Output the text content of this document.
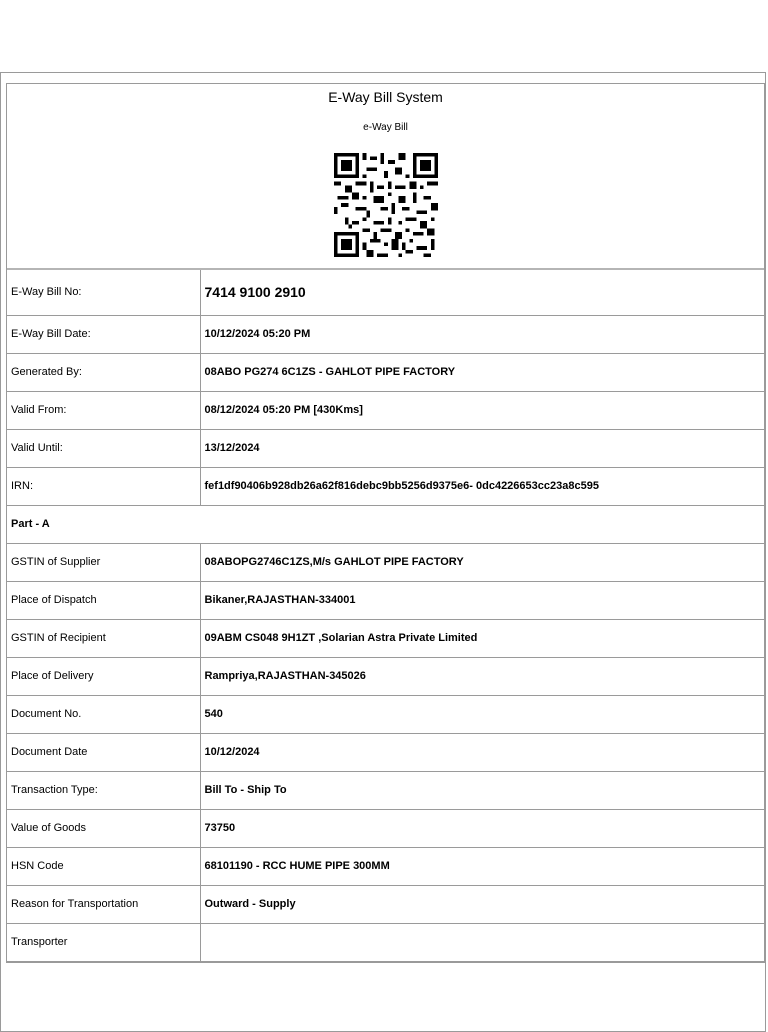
E-Way Bill System
e-Way Bill
E-Way Bill No:	7414 9100 2910
E-Way Bill Date:	10/12/2024 05:20 PM
Generated By:	08ABO PG274 6C1ZS - GAHLOT PIPE FACTORY
Valid From:	08/12/2024 05:20 PM [430Kms]
Valid Until:	13/12/2024
IRN:	fef1df90406b928db26a62f816debc9bb5256d9375e6- 0dc4226653cc23a8c595
Part - A	
GSTIN of Supplier	08ABOPG2746C1ZS,M/s GAHLOT PIPE FACTORY
Place of Dispatch	Bikaner,RAJASTHAN-334001
GSTIN of Recipient	09ABM CS048 9H1ZT ,Solarian Astra Private Limited
Place of Delivery	Rampriya,RAJASTHAN-345026
Document No.	540
Document Date	10/12/2024
Transaction Type:	Bill To - Ship To
Value of Goods	73750
HSN Code	68101190 - RCC HUME PIPE 300MM
Reason for Transportation	Outward - Supply
Transporter	
